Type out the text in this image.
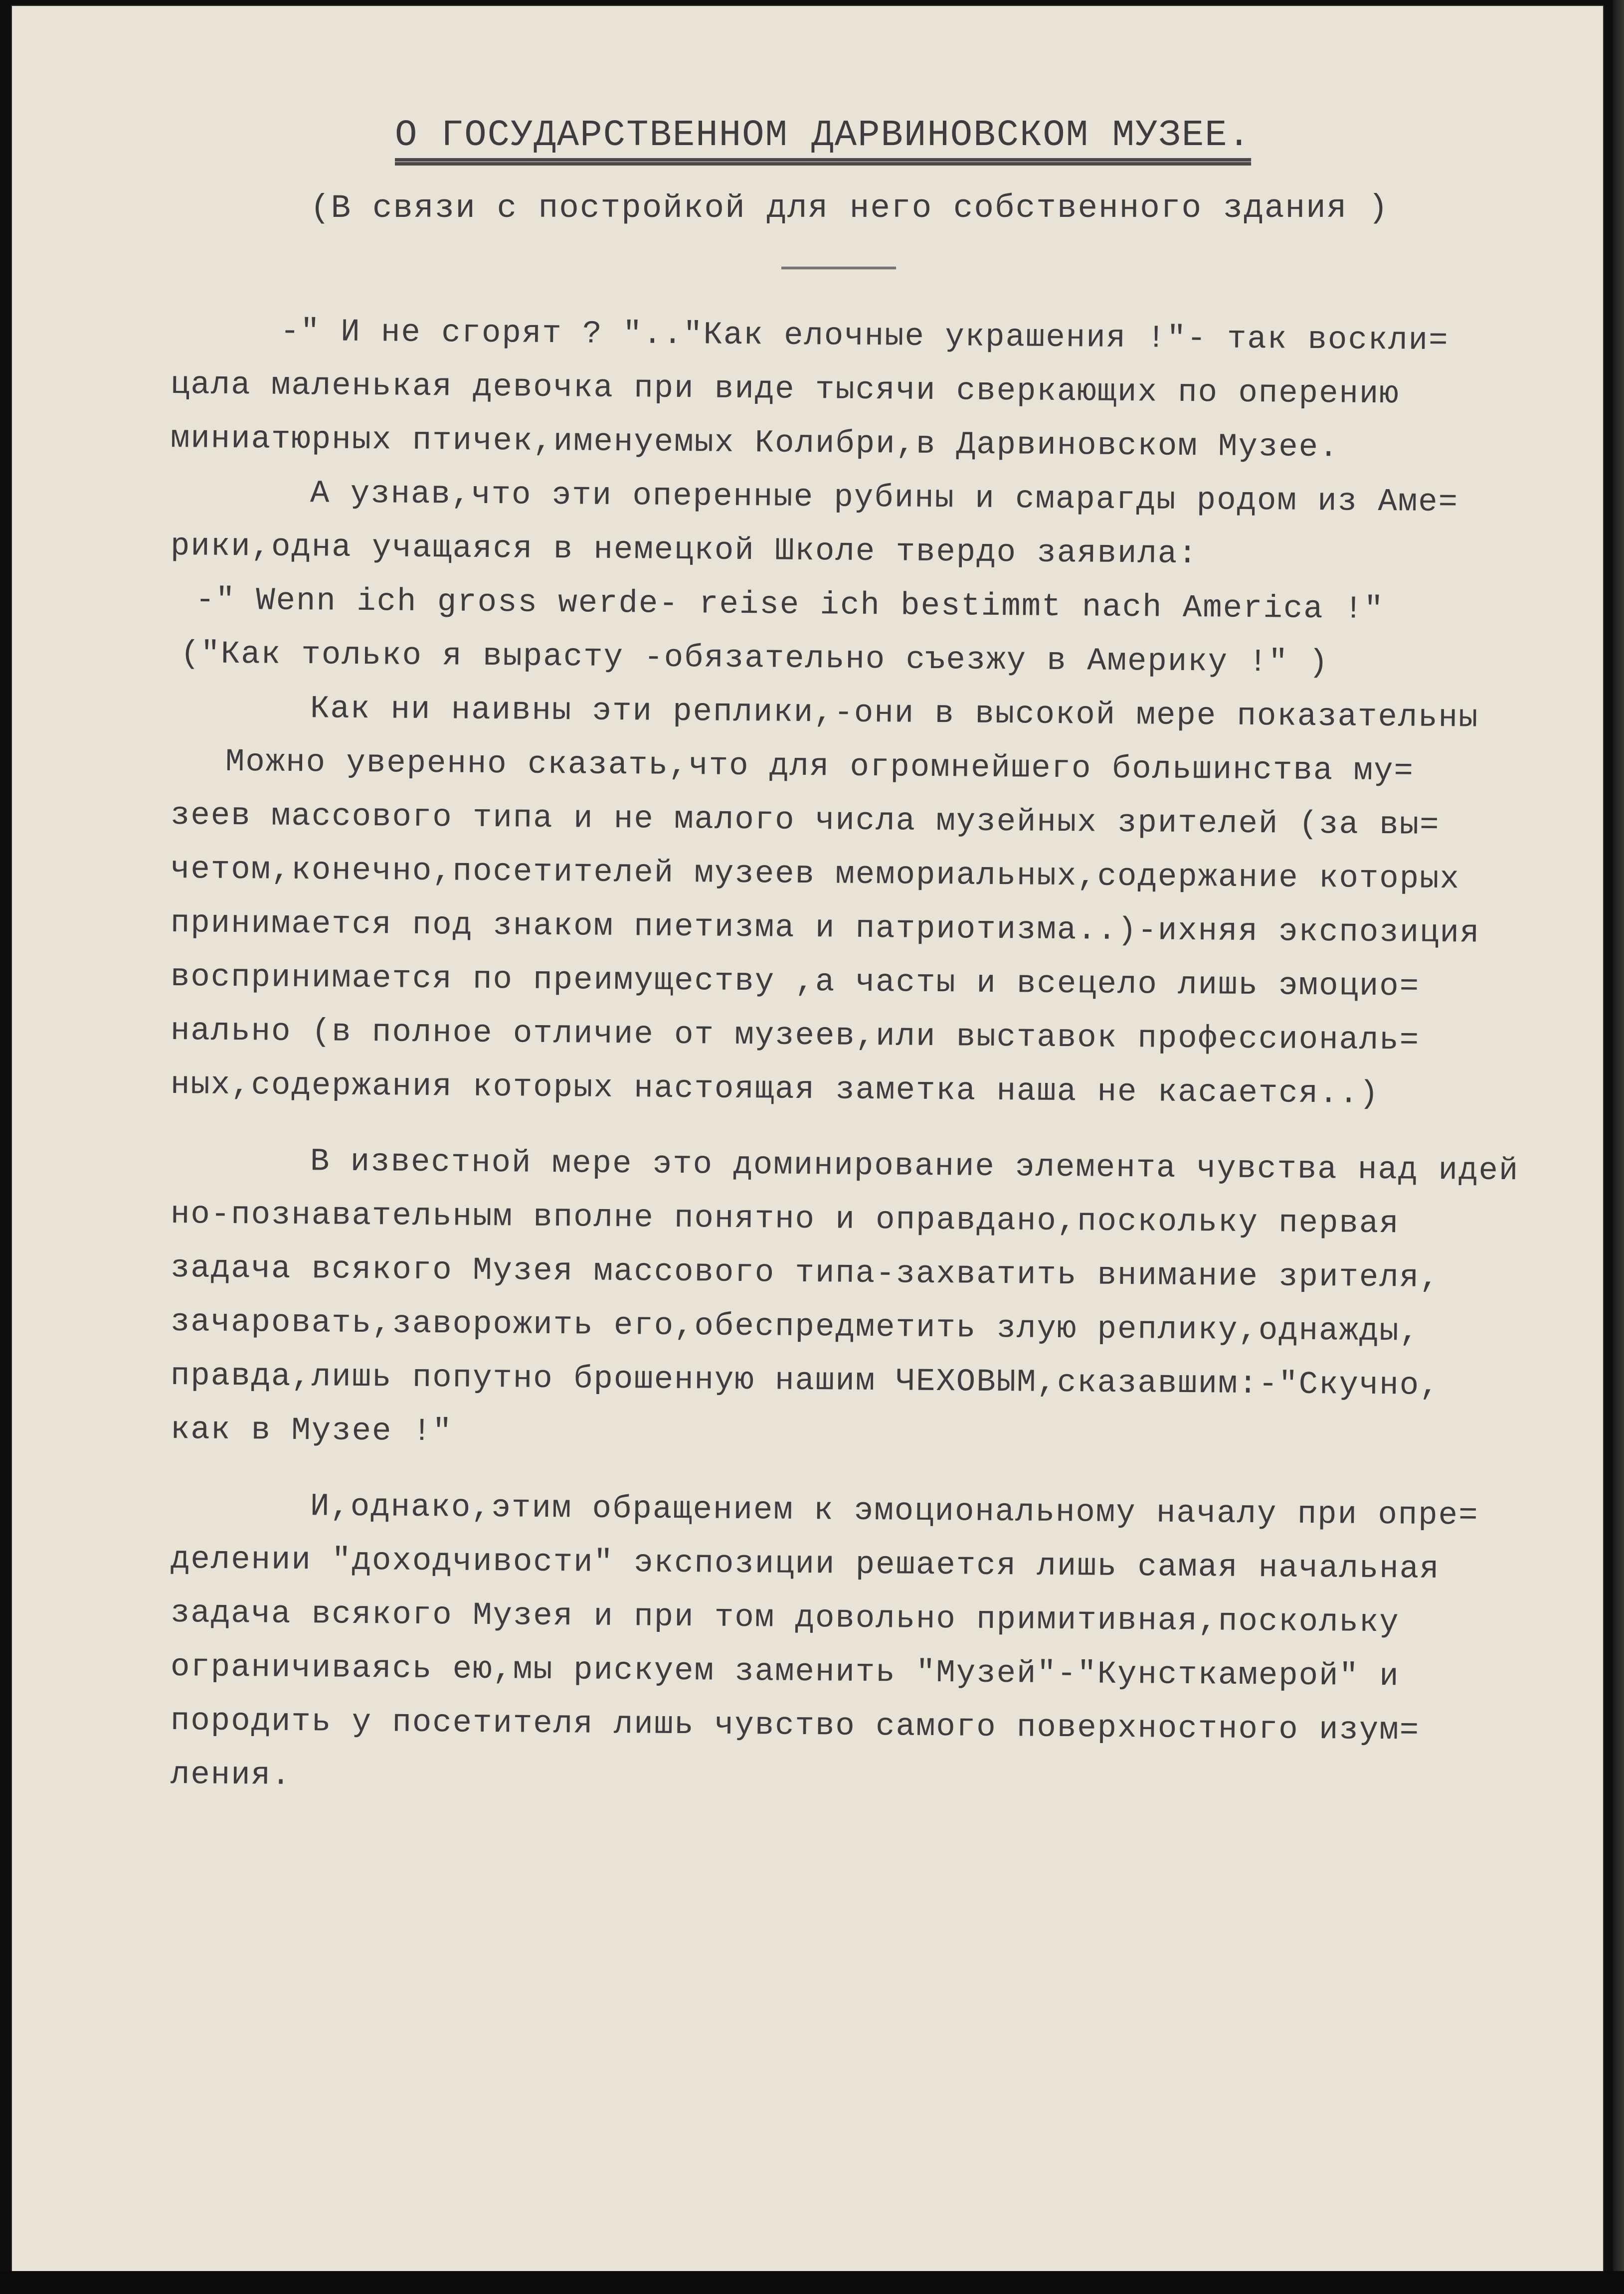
О ГОСУДАРСТВЕННОМ ДАРВИНОВСКОМ МУЗЕЕ.
(В связи с постройкой для него собственного здания )
-" И не сгорят ? ".."Как елочные украшения !"- так воскли=
цала маленькая девочка при виде тысячи сверкающих по оперению
миниатюрных птичек,именуемых Колибри,в Дарвиновском Музее.
А узнав,что эти оперенные рубины и смарагды родом из Аме=
рики,одна учащаяся в немецкой Школе твердо заявила:
-" Wenn ich gross werde- reise ich bestimmt nach America !"
("Как только я вырасту -обязательно съезжу в Америку !" )
Как ни наивны эти реплики,-они в высокой мере показательны
Можно уверенно сказать,что для огромнейшего большинства му=
зеев массового типа и не малого числа музейных зрителей (за вы=
четом,конечно,посетителей музеев мемориальных,содержание которых
принимается под знаком пиетизма и патриотизма..)-ихняя экспозиция
воспринимается по преимуществу ,а часты и всецело лишь эмоцио=
нально (в полное отличие от музеев,или выставок профессиональ=
ных,содержания которых настоящая заметка наша не касается..)
В известной мере это доминирование элемента чувства над идей
но-познавательным вполне понятно и оправдано,поскольку первая
задача всякого Музея массового типа-захватить внимание зрителя,
зачаровать,заворожить его,обеспредметить злую реплику,однажды,
правда,лишь попутно брошенную нашим ЧЕХОВЫМ,сказавшим:-"Скучно,
как в Музее !"
И,однако,этим обращением к эмоциональному началу при опре=
делении "доходчивости" экспозиции решается лишь самая начальная
задача всякого Музея и при том довольно примитивная,поскольку
ограничиваясь ею,мы рискуем заменить "Музей"-"Кунсткамерой" и
породить у посетителя лишь чувство самого поверхностного изум=
ления.
